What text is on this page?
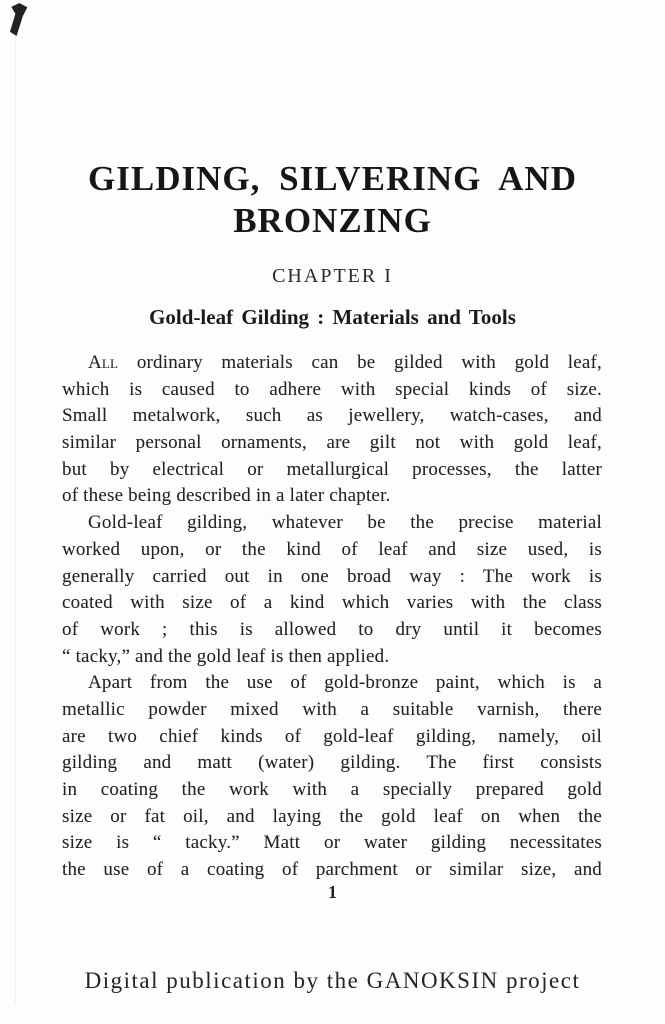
GILDING, SILVERING AND
BRONZING
CHAPTER I
Gold-leaf Gilding : Materials and Tools
All ordinary materials can be gilded with gold leaf,
which is caused to adhere with special kinds of size.
Small metalwork, such as jewellery, watch-cases, and
similar personal ornaments, are gilt not with gold leaf,
but by electrical or metallurgical processes, the latter
of these being described in a later chapter.
Gold-leaf gilding, whatever be the precise material
worked upon, or the kind of leaf and size used, is
generally carried out in one broad way : The work is
coated with size of a kind which varies with the class
of work ; this is allowed to dry until it becomes
“ tacky,” and the gold leaf is then applied.
Apart from the use of gold-bronze paint, which is a
metallic powder mixed with a suitable varnish, there
are two chief kinds of gold-leaf gilding, namely, oil
gilding and matt (water) gilding. The first consists
in coating the work with a specially prepared gold
size or fat oil, and laying the gold leaf on when the
size is “ tacky.” Matt or water gilding necessitates
the use of a coating of parchment or similar size, and
1
Digital publication by the GANOKSIN project
